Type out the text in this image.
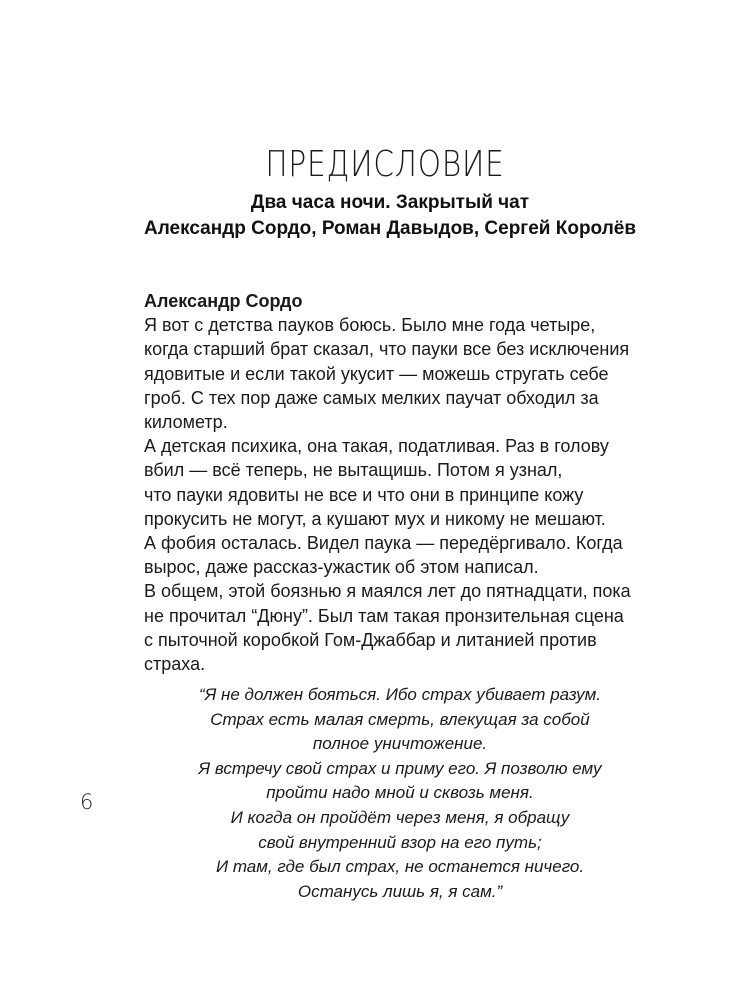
ПРЕДИСЛОВИЕ
Два часа ночи. Закрытый чат
Александр Сордо, Роман Давыдов, Сергей Королёв
Александр Сордо
Я вот с детства пауков боюсь. Было мне года четыре,
когда старший брат сказал, что пауки все без исключения
ядовитые и если такой укусит — можешь стругать себе
гроб. С тех пор даже самых мелких паучат обходил за
километр.
А детская психика, она такая, податливая. Раз в голову
вбил — всё теперь, не вытащишь. Потом я узнал,
что пауки ядовиты не все и что они в принципе кожу
прокусить не могут, а кушают мух и никому не мешают.
А фобия осталась. Видел паука — передёргивало. Когда
вырос, даже рассказ-ужастик об этом написал.
В общем, этой боязнью я маялся лет до пятнадцати, пока
не прочитал “Дюну”. Был там такая пронзительная сцена
с пыточной коробкой Гом-Джаббар и литанией против
страха.
“Я не должен бояться. Ибо страх убивает разум.
Страх есть малая смерть, влекущая за собой
полное уничтожение.
Я встречу свой страх и приму его. Я позволю ему
пройти надо мной и сквозь меня.
И когда он пройдёт через меня, я обращу
свой внутренний взор на его путь;
И там, где был страх, не останется ничего.
Останусь лишь я, я сам.”
6
